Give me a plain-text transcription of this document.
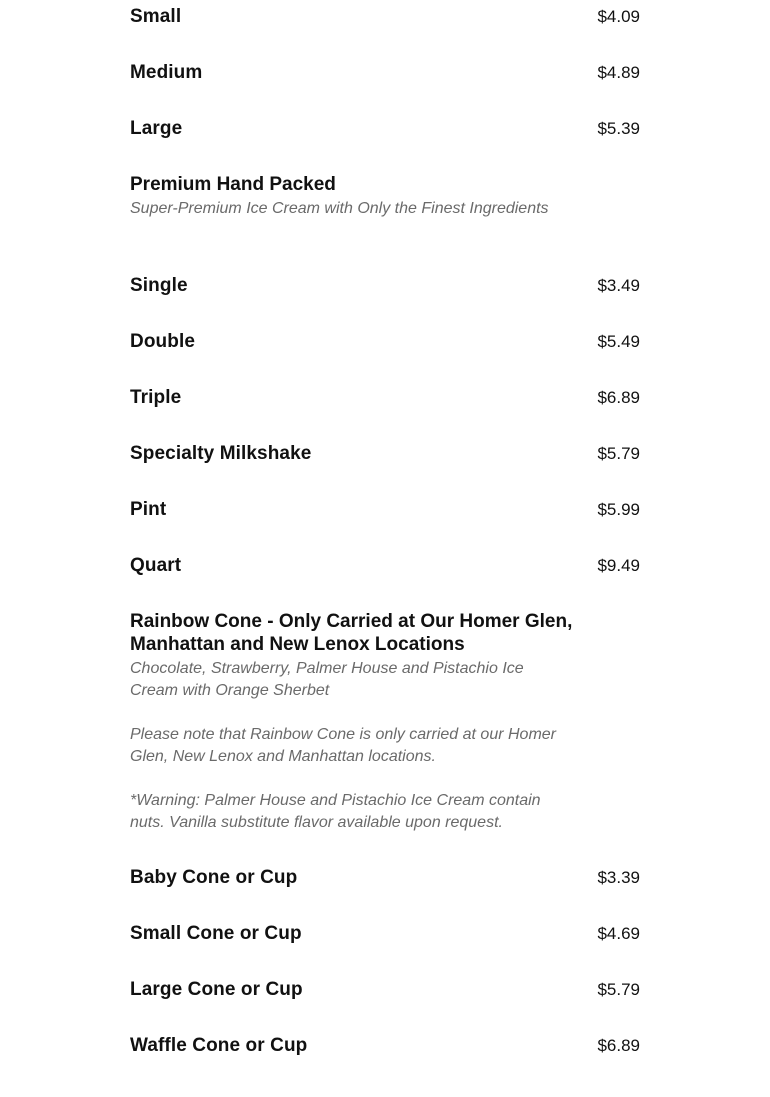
Small	$4.09
Medium	$4.89
Large	$5.39
Premium Hand Packed
Super-Premium Ice Cream with Only the Finest Ingredients
Single	$3.49
Double	$5.49
Triple	$6.89
Specialty Milkshake	$5.79
Pint	$5.99
Quart	$9.49
Rainbow Cone - Only Carried at Our Homer Glen,
Manhattan and New Lenox Locations
Chocolate, Strawberry, Palmer House and Pistachio Ice
Cream with Orange Sherbet
Please note that Rainbow Cone is only carried at our Homer
Glen, New Lenox and Manhattan locations.
*Warning: Palmer House and Pistachio Ice Cream contain
nuts. Vanilla substitute flavor available upon request.
Baby Cone or Cup	$3.39
Small Cone or Cup	$4.69
Large Cone or Cup	$5.79
Waffle Cone or Cup	$6.89
